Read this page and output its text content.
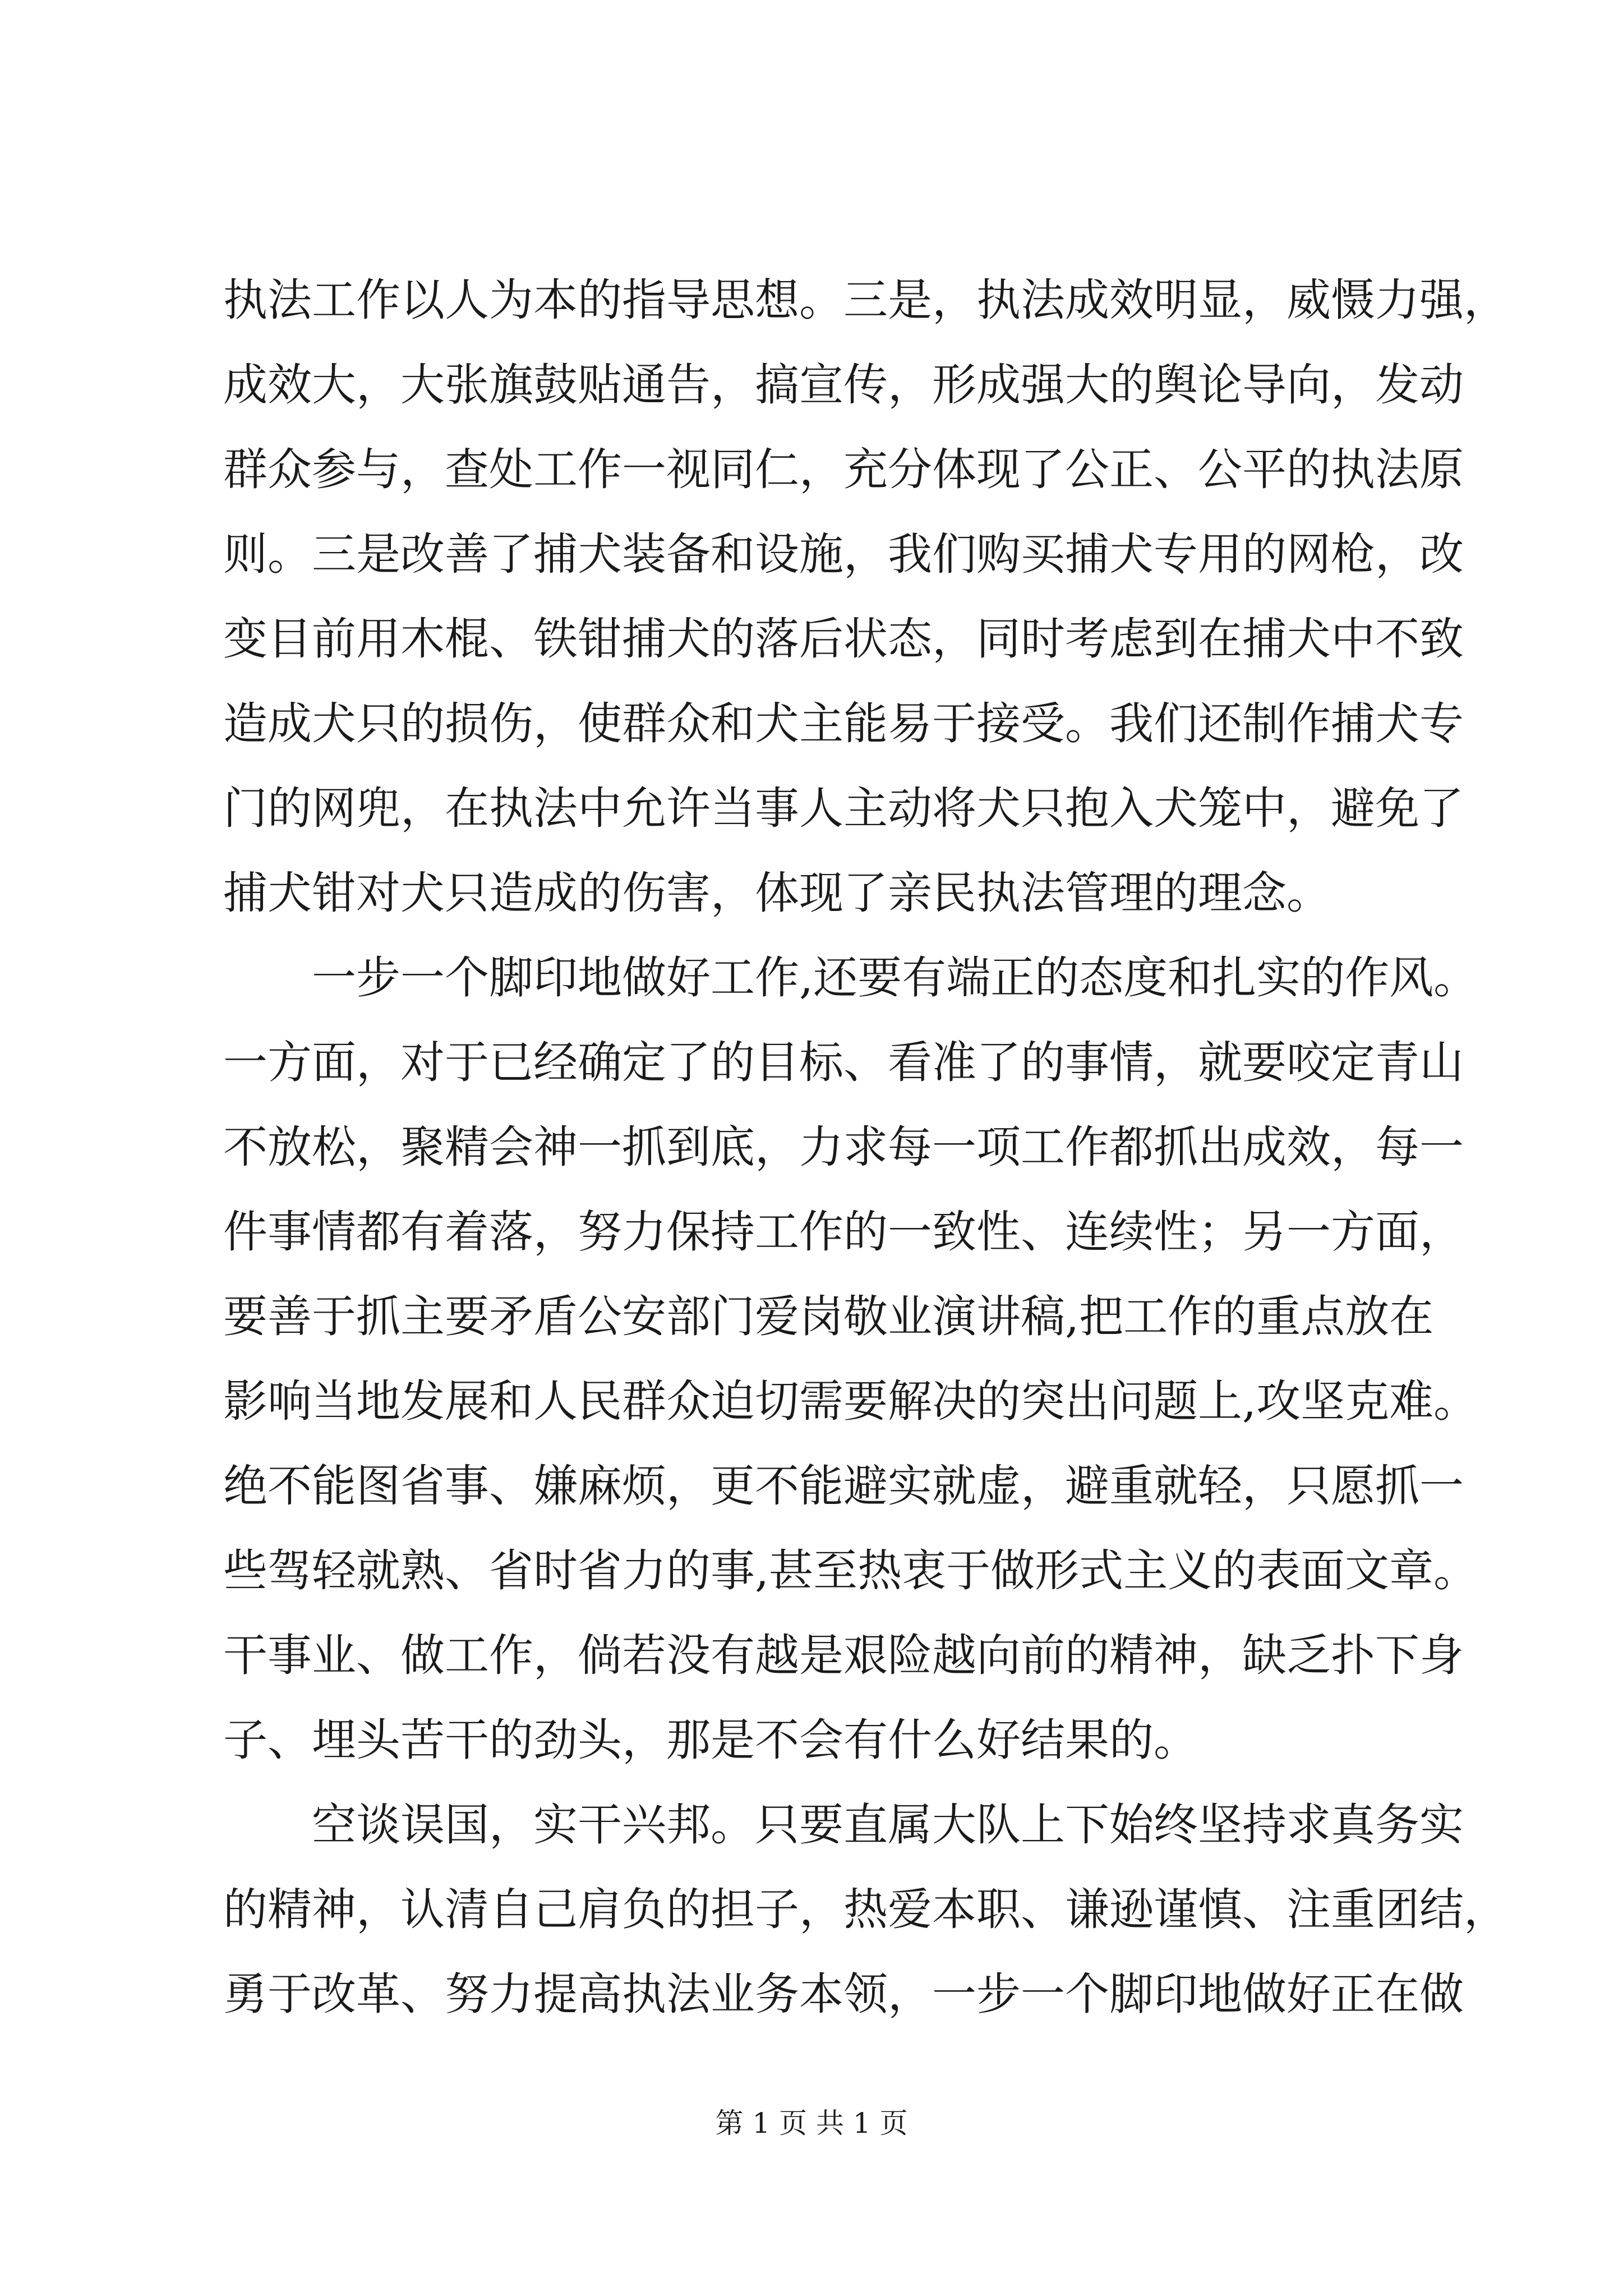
执法工作以人为本的指导思想。三是，执法成效明显，威慑力强，
成效大，大张旗鼓贴通告，搞宣传，形成强大的舆论导向，发动
群众参与，查处工作一视同仁，充分体现了公正、公平的执法原
则。三是改善了捕犬装备和设施，我们购买捕犬专用的网枪，改
变目前用木棍、铁钳捕犬的落后状态，同时考虑到在捕犬中不致
造成犬只的损伤，使群众和犬主能易于接受。我们还制作捕犬专
门的网兜，在执法中允许当事人主动将犬只抱入犬笼中，避免了
捕犬钳对犬只造成的伤害，体现了亲民执法管理的理念。
一步一个脚印地做好工作,还要有端正的态度和扎实的作风。
一方面，对于已经确定了的目标、看准了的事情，就要咬定青山
不放松，聚精会神一抓到底，力求每一项工作都抓出成效，每一
件事情都有着落，努力保持工作的一致性、连续性；另一方面，
要善于抓主要矛盾公安部门爱岗敬业演讲稿,把工作的重点放在
影响当地发展和人民群众迫切需要解决的突出问题上,攻坚克难。
绝不能图省事、嫌麻烦，更不能避实就虚，避重就轻，只愿抓一
些驾轻就熟、省时省力的事,甚至热衷于做形式主义的表面文章。
干事业、做工作，倘若没有越是艰险越向前的精神，缺乏扑下身
子、埋头苦干的劲头，那是不会有什么好结果的。
空谈误国，实干兴邦。只要直属大队上下始终坚持求真务实
的精神，认清自己肩负的担子，热爱本职、谦逊谨慎、注重团结，
勇于改革、努力提高执法业务本领，一步一个脚印地做好正在做
第 1 页 共 1 页
